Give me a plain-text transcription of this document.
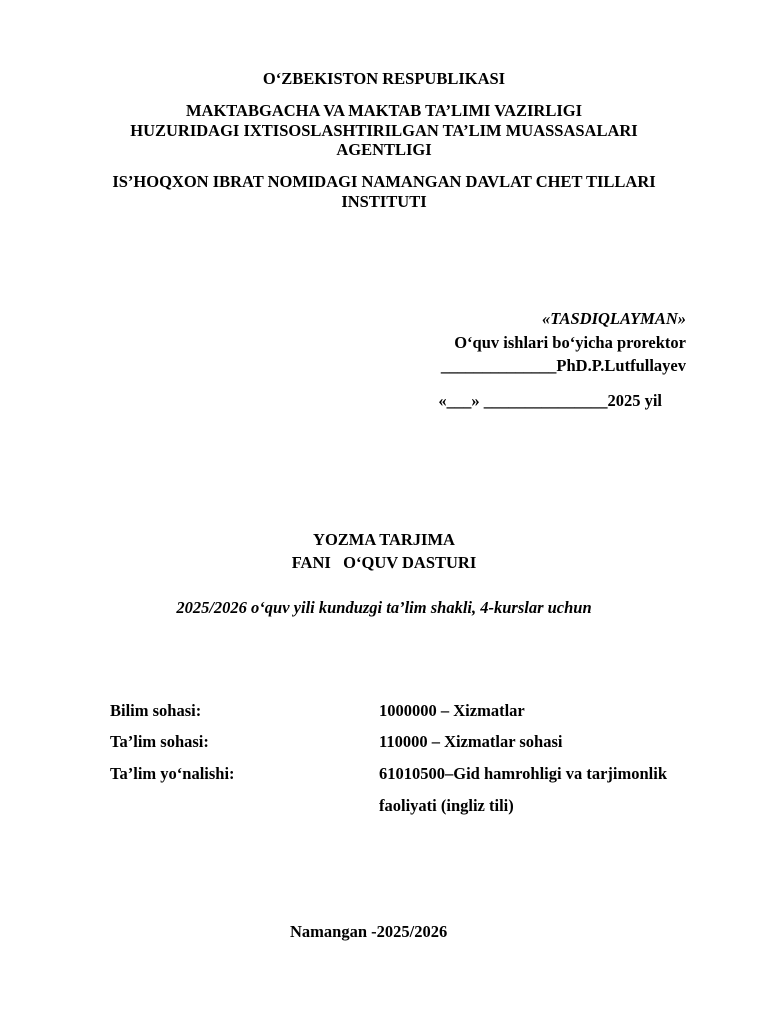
O‘ZBEKISTON RESPUBLIKASI
MAKTABGACHA VA MAKTAB TA’LIMI VAZIRLIGI
HUZURIDAGI IXTISOSLASHTIRILGAN TA’LIM MUASSASALARI
AGENTLIGI
IS’HOQXON IBRAT NOMIDAGI NAMANGAN DAVLAT CHET TILLARI
INSTITUTI
«TASDIQLAYMAN»
O‘quv ishlari bo‘yicha prorektor
______________PhD.P.Lutfullayev
«___» _______________2025 yil
YOZMA TARJIMA
FANI   O‘QUV DASTURI
2025/2026 o‘quv yili kunduzgi ta’lim shakli, 4-kurslar uchun
Bilim sohasi:	1000000 – Xizmatlar
Ta’lim sohasi:	110000 – Xizmatlar sohasi
Ta’lim yo‘nalishi:	61010500–Gid hamrohligi va tarjimonlik
faoliyati (ingliz tili)
Namangan -2025/2026
